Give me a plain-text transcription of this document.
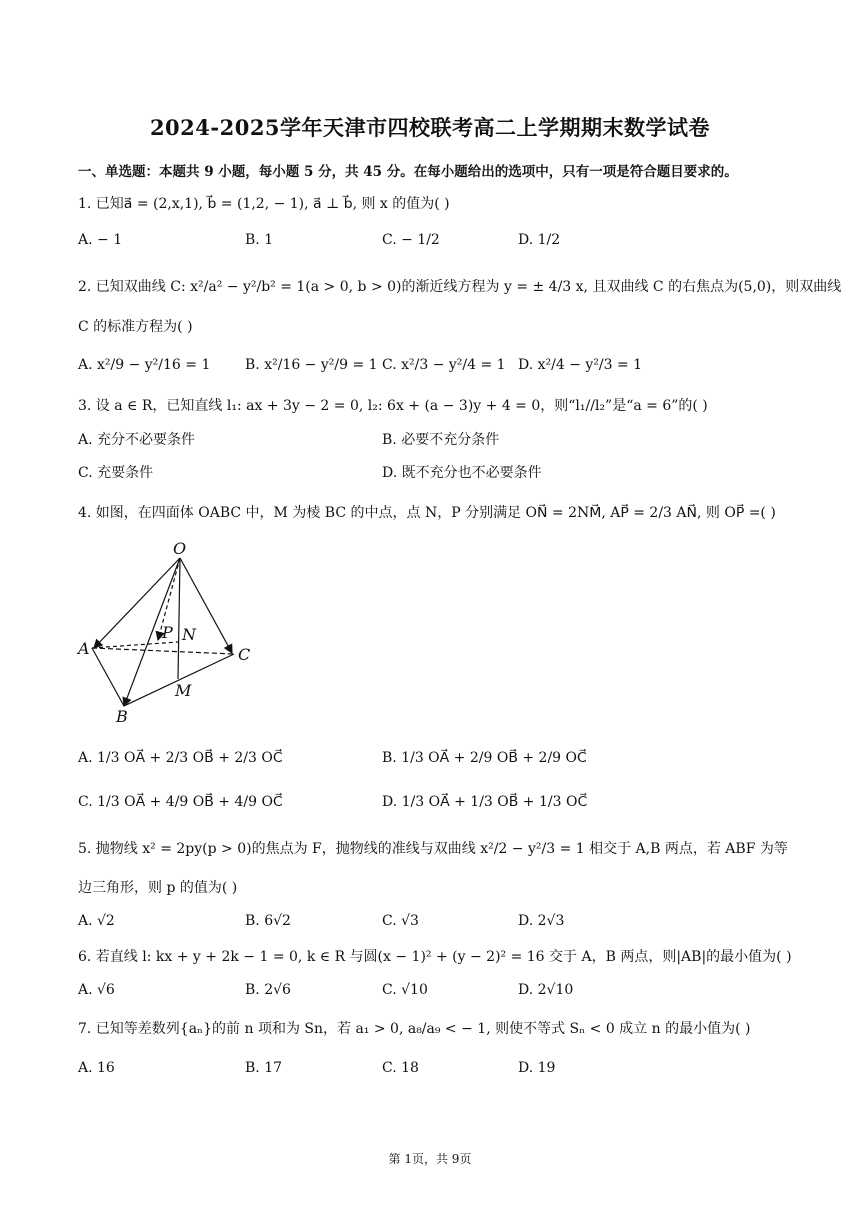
2024-2025学年天津市四校联考高二上学期期末数学试卷
一、单选题：本题共 9 小题，每小题 5 分，共 45 分。在每小题给出的选项中，只有一项是符合题目要求的。
1. 已知a⃗ = (2,x,1), b⃗ = (1,2, − 1), a⃗ ⊥ b⃗, 则 x 的值为( )
A. − 1	B. 1	C. − 1/2	D. 1/2
2. 已知双曲线 C: x²/a² − y²/b² = 1(a > 0, b > 0)的渐近线方程为 y = ± 4/3 x, 且双曲线 C 的右焦点为(5,0)，则双曲线
C 的标准方程为( )
A. x²/9 − y²/16 = 1 B. x²/16 − y²/9 = 1 C. x²/3 − y²/4 = 1 D. x²/4 − y²/3 = 1
3. 设 a ∈ R，已知直线 l₁: ax + 3y − 2 = 0, l₂: 6x + (a − 3)y + 4 = 0，则“l₁//l₂”是“a = 6”的( )
A. 充分不必要条件	B. 必要不充分条件
C. 充要条件	D. 既不充分也不必要条件
4. 如图，在四面体 OABC 中，M 为棱 BC 的中点，点 N，P 分别满足 ON⃗ = 2NM⃗, AP⃗ = 2/3 AN⃗, 则 OP⃗ =( )
O
A
B
C
M
N
P
A. 1/3 OA⃗ + 2/3 OB⃗ + 2/3 OC⃗	B. 1/3 OA⃗ + 2/9 OB⃗ + 2/9 OC⃗
C. 1/3 OA⃗ + 4/9 OB⃗ + 4/9 OC⃗	D. 1/3 OA⃗ + 1/3 OB⃗ + 1/3 OC⃗
5. 抛物线 x² = 2py(p > 0)的焦点为 F，抛物线的准线与双曲线 x²/2 − y²/3 = 1 相交于 A,B 两点，若 ABF 为等
边三角形，则 p 的值为( )
A. √2	B. 6√2	C. √3	D. 2√3
6. 若直线 l: kx + y + 2k − 1 = 0, k ∈ R 与圆(x − 1)² + (y − 2)² = 16 交于 A，B 两点，则|AB|的最小值为( )
A. √6	B. 2√6	C. √10	D. 2√10
7. 已知等差数列{aₙ}的前 n 项和为 Sn，若 a₁ > 0, a₈/a₉ < − 1, 则使不等式 Sₙ < 0 成立 n 的最小值为( )
A. 16	B. 17	C. 18	D. 19
第 1页，共 9页
